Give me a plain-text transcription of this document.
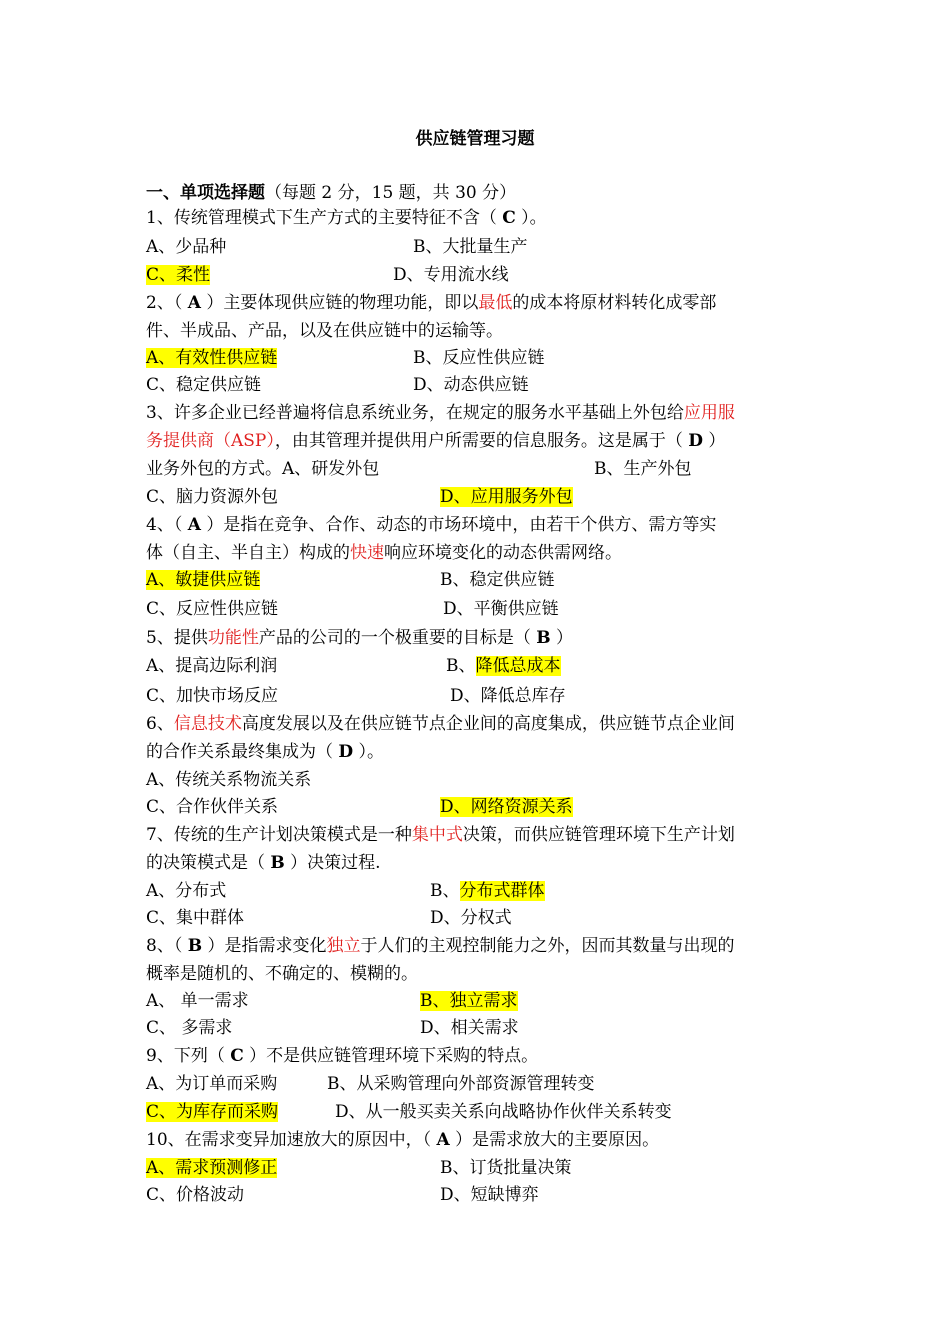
供应链管理习题
一、单项选择题（每题 2 分，15 题，共 30 分）
1、传统管理模式下生产方式的主要特征不含（ C ）。
A、少品种	B、大批量生产
C、柔性	D、专用流水线
2、（ A ）主要体现供应链的物理功能，即以最低的成本将原材料转化成零部
件、半成品、产品，以及在供应链中的运输等。
A、有效性供应链	B、反应性供应链
C、稳定供应链	D、动态供应链
3、许多企业已经普遍将信息系统业务，在规定的服务水平基础上外包给应用服
务提供商（ASP），由其管理并提供用户所需要的信息服务。这是属于（ D ）
业务外包的方式。A、研发外包	B、生产外包
C、脑力资源外包	D、应用服务外包
4、（ A ）是指在竞争、合作、动态的市场环境中，由若干个供方、需方等实
体（自主、半自主）构成的快速响应环境变化的动态供需网络。
A、敏捷供应链	B、稳定供应链
C、反应性供应链	D、平衡供应链
5、提供功能性产品的公司的一个极重要的目标是（ B ）
A、提高边际利润	B、降低总成本
C、加快市场反应	D、降低总库存
6、信息技术高度发展以及在供应链节点企业间的高度集成，供应链节点企业间
的合作关系最终集成为（ D ）。
A、传统关系物流关系
C、合作伙伴关系	D、网络资源关系
7、传统的生产计划决策模式是一种集中式决策，而供应链管理环境下生产计划
的决策模式是（ B ）决策过程.
A、分布式	B、分布式群体
C、集中群体	D、分权式
8、（ B ）是指需求变化独立于人们的主观控制能力之外，因而其数量与出现的
概率是随机的、不确定的、模糊的。
A、 单一需求	B、独立需求
C、 多需求	D、相关需求
9、下列（ C ）不是供应链管理环境下采购的特点。
A、为订单而采购	B、从采购管理向外部资源管理转变
C、为库存而采购	D、从一般买卖关系向战略协作伙伴关系转变
10、在需求变异加速放大的原因中，（ A ）是需求放大的主要原因。
A、需求预测修正	B、订货批量决策
C、价格波动	D、短缺博弈
